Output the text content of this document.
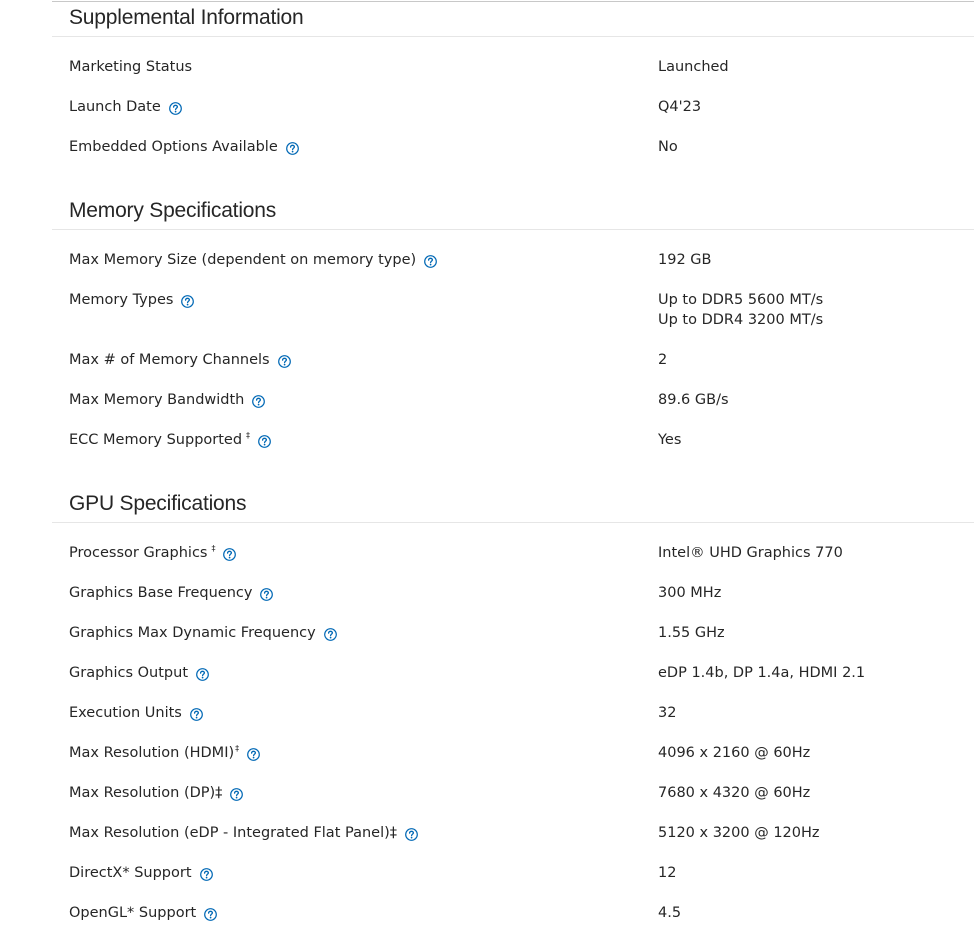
Supplemental Information
Marketing Status	Launched
Launch Date	Q4'23
Embedded Options Available	No
Memory Specifications
Max Memory Size (dependent on memory type)	192 GB
Memory Types	Up to DDR5 5600 MT/s
Up to DDR4 3200 MT/s
Max # of Memory Channels	2
Max Memory Bandwidth	89.6 GB/s
ECC Memory Supported ‡	Yes
GPU Specifications
Processor Graphics ‡	Intel® UHD Graphics 770
Graphics Base Frequency	300 MHz
Graphics Max Dynamic Frequency	1.55 GHz
Graphics Output	eDP 1.4b, DP 1.4a, HDMI 2.1
Execution Units	32
Max Resolution (HDMI)‡	4096 x 2160 @ 60Hz
Max Resolution (DP)‡	7680 x 4320 @ 60Hz
Max Resolution (eDP - Integrated Flat Panel)‡	5120 x 3200 @ 120Hz
DirectX* Support	12
OpenGL* Support	4.5
